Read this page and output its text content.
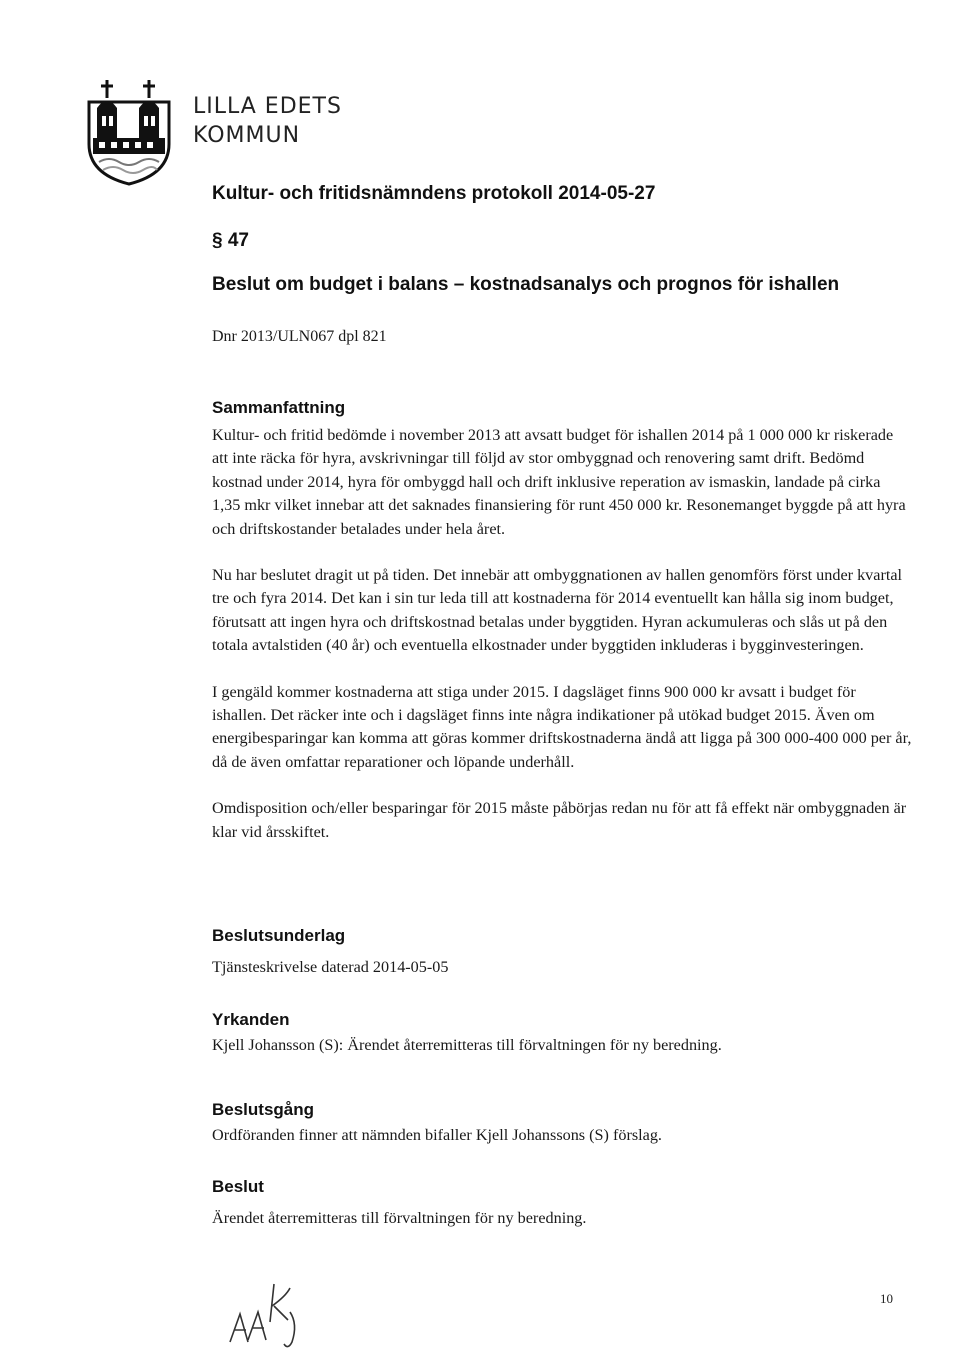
LILLA EDETS
KOMMUN
Kultur- och fritidsnämndens protokoll 2014-05-27
§ 47
Beslut om budget i balans – kostnadsanalys och prognos för ishallen
Dnr 2013/ULN067 dpl 821
Sammanfattning

Kultur- och fritid bedömde i november 2013 att avsatt budget för ishallen 2014 på 1 000 000 kr riskerade att inte räcka för hyra, avskrivningar till följd av stor ombyggnad och renovering samt drift. Bedömd kostnad under 2014, hyra för ombyggd hall och drift inklusive reperation av ismaskin, landade på cirka 1,35 mkr vilket innebar att det saknades finansiering för runt 450 000 kr. Resonemanget byggde på att hyra och driftskostander betalades under hela året.

Nu har beslutet dragit ut på tiden. Det innebär att ombyggnationen av hallen genomförs först under kvartal tre och fyra 2014. Det kan i sin tur leda till att kostnaderna för 2014 eventuellt kan hålla sig inom budget, förutsatt att ingen hyra och driftskostnad betalas under byggtiden. Hyran ackumuleras och slås ut på den totala avtalstiden (40 år) och eventuella elkostnader under byggtiden inkluderas i bygginvesteringen.

I gengäld kommer kostnaderna att stiga under 2015. I dagsläget finns 900 000 kr avsatt i budget för ishallen. Det räcker inte och i dagsläget finns inte några indikationer på utökad budget 2015. Även om energibesparingar kan komma att göras kommer driftskostnaderna ändå att ligga på 300 000-400 000 per år, då de även omfattar reparationer och löpande underhåll.

Omdisposition och/eller besparingar för 2015 måste påbörjas redan nu för att få effekt när ombyggnaden är klar vid årsskiftet.

Beslutsunderlag

Tjänsteskrivelse daterad 2014-05-05

Yrkanden

Kjell Johansson (S): Ärendet återremitteras till förvaltningen för ny beredning.

Beslutsgång

Ordföranden finner att nämnden bifaller Kjell Johanssons (S) förslag.

Beslut

Ärendet återremitteras till förvaltningen för ny beredning.

10
